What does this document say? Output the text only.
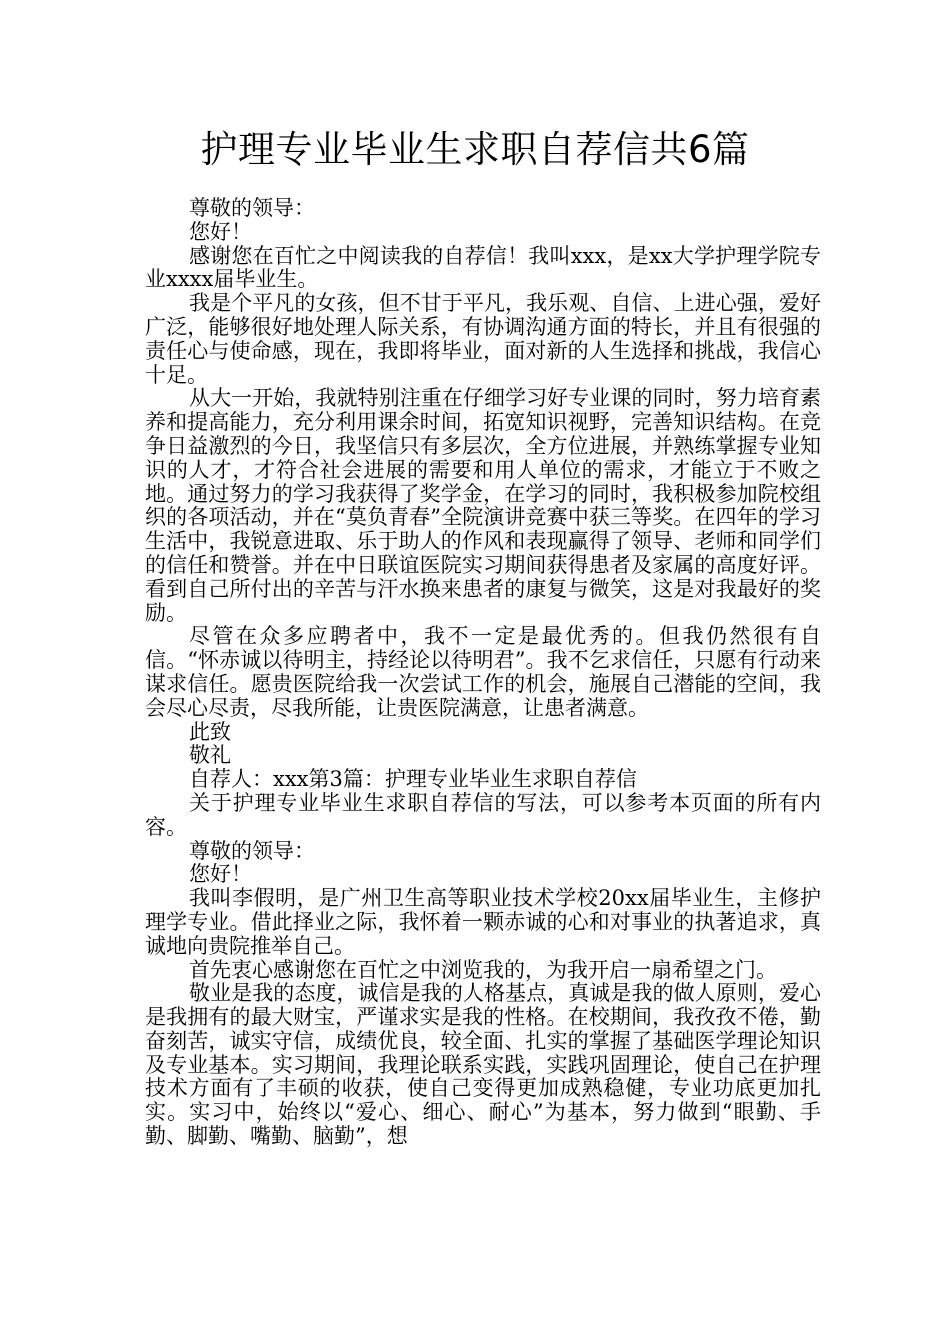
护理专业毕业生求职自荐信共6篇

尊敬的领导：

您好！

感谢您在百忙之中阅读我的自荐信！我叫xxx，是xx大学护理学院专业xxxx届毕业生。

我是个平凡的女孩，但不甘于平凡，我乐观、自信、上进心强，爱好广泛，能够很好地处理人际关系，有协调沟通方面的特长，并且有很强的责任心与使命感，现在，我即将毕业，面对新的人生选择和挑战，我信心十足。

从大一开始，我就特别注重在仔细学习好专业课的同时，努力培育素养和提高能力，充分利用课余时间，拓宽知识视野，完善知识结构。在竞争日益激烈的今日，我坚信只有多层次，全方位进展，并熟练掌握专业知识的人才，才符合社会进展的需要和用人单位的需求，才能立于不败之地。通过努力的学习我获得了奖学金，在学习的同时，我积极参加院校组织的各项活动，并在“莫负青春”全院演讲竞赛中获三等奖。在四年的学习生活中，我锐意进取、乐于助人的作风和表现赢得了领导、老师和同学们的信任和赞誉。并在中日联谊医院实习期间获得患者及家属的高度好评。看到自己所付出的辛苦与汗水换来患者的康复与微笑，这是对我最好的奖励。

尽管在众多应聘者中，我不一定是最优秀的。但我仍然很有自信。“怀赤诚以待明主，持经论以待明君”。我不乞求信任，只愿有行动来谋求信任。愿贵医院给我一次尝试工作的机会，施展自己潜能的空间，我会尽心尽责，尽我所能，让贵医院满意，让患者满意。

此致

敬礼

自荐人：xxx第3篇：护理专业毕业生求职自荐信

关于护理专业毕业生求职自荐信的写法，可以参考本页面的所有内容。

尊敬的领导：

您好！

我叫李假明，是广州卫生高等职业技术学校20xx届毕业生，主修护理学专业。借此择业之际，我怀着一颗赤诚的心和对事业的执著追求，真诚地向贵院推举自己。

首先衷心感谢您在百忙之中浏览我的，为我开启一扇希望之门。

敬业是我的态度，诚信是我的人格基点，真诚是我的做人原则，爱心是我拥有的最大财宝，严谨求实是我的性格。在校期间，我孜孜不倦，勤奋刻苦，诚实守信，成绩优良，较全面、扎实的掌握了基础医学理论知识及专业基本。实习期间，我理论联系实践，实践巩固理论，使自己在护理技术方面有了丰硕的收获，使自己变得更加成熟稳健，专业功底更加扎实。实习中，始终以“爱心、细心、耐心”为基本，努力做到“眼勤、手勤、脚勤、嘴勤、脑勤”，想
